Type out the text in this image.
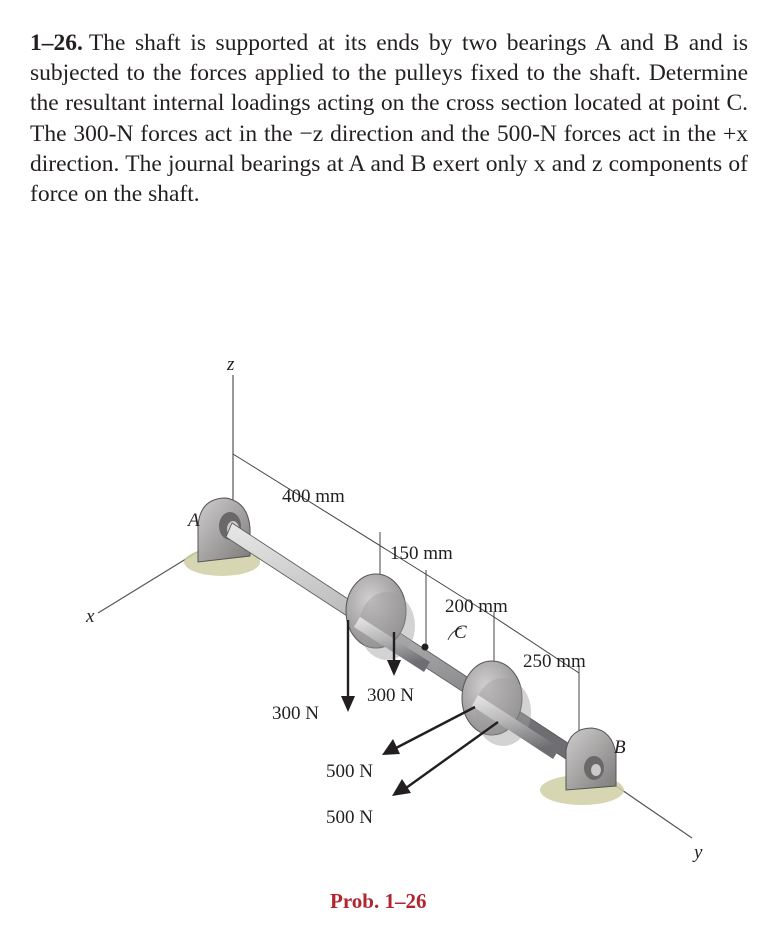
1–26. The shaft is supported at its ends by two bearings A and B and is subjected to the forces applied to the pulleys fixed to the shaft. Determine the resultant internal loadings acting on the cross section located at point C. The 300-N forces act in the −z direction and the 500-N forces act in the +x direction. The journal bearings at A and B exert only x and z components of force on the shaft.

z
x
y
400 mm
150 mm
200 mm
250 mm
A
C
B
300 N
300 N
500 N
500 N
Prob. 1–26
